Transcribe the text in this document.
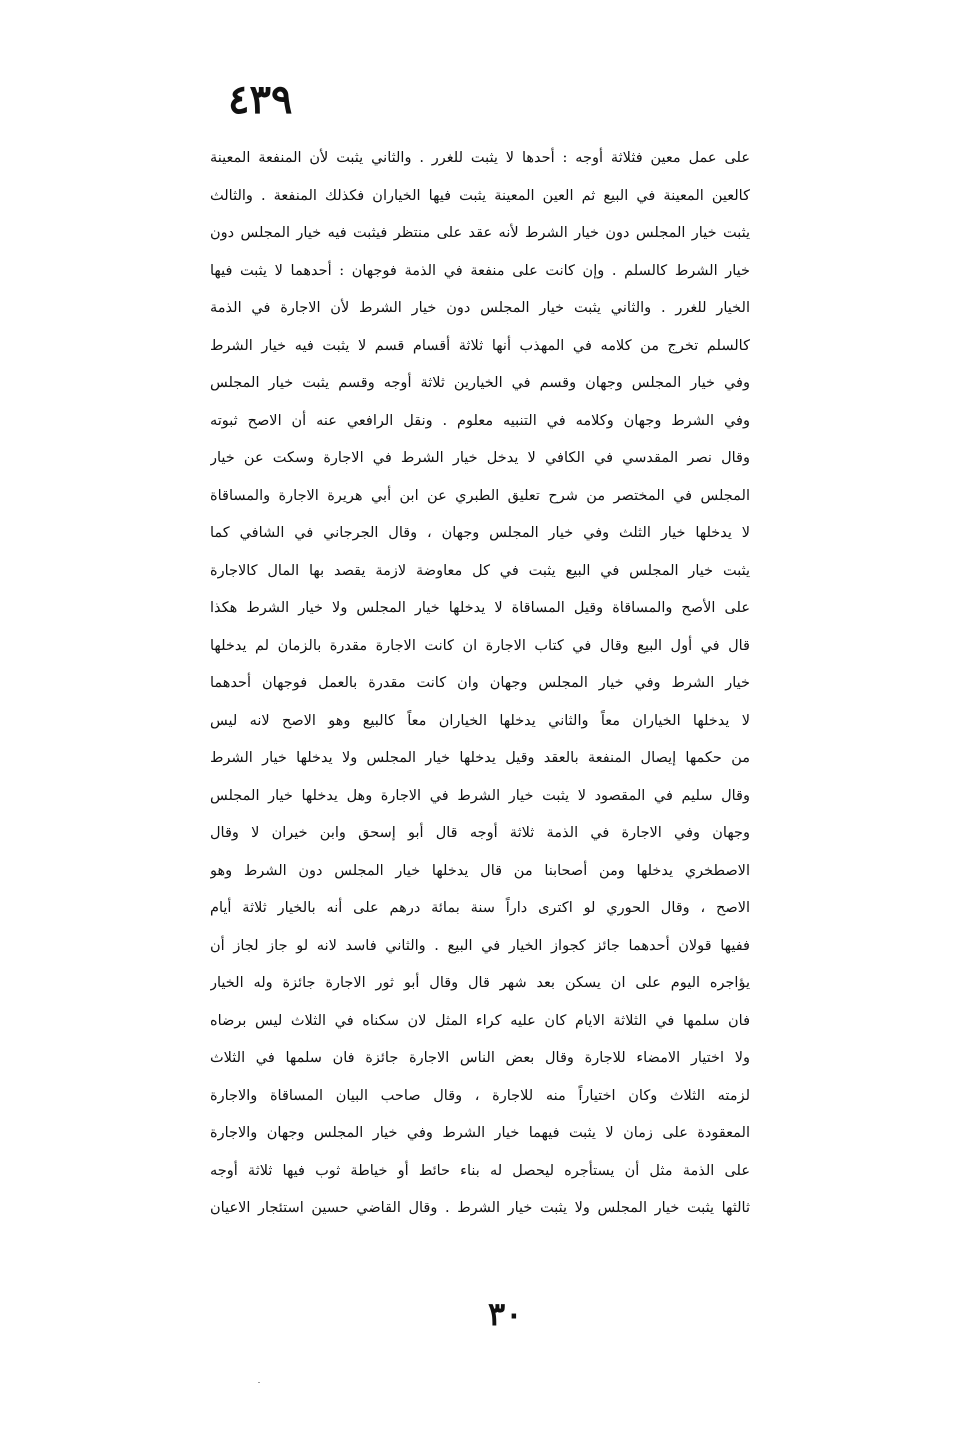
٤٣٩
على عمل معين فثلاثة أوجه : أحدها لا يثبت للغرر . والثاني يثبت لأن المنفعة المعينة
كالعين المعينة في البيع ثم العين المعينة يثبت فيها الخياران فكذلك المنفعة . والثالث
يثبت خيار المجلس دون خيار الشرط لأنه عقد على منتظر فيثبت فيه خيار المجلس دون
خيار الشرط كالسلم . وإن كانت على منفعة في الذمة فوجهان : أحدهما لا يثبت فيها
الخيار للغرر . والثاني يثبت خيار المجلس دون خيار الشرط لأن الاجارة في الذمة
كالسلم تخرج من كلامه في المهذب أنها ثلاثة أقسام قسم لا يثبت فيه خيار الشرط
وفي خيار المجلس وجهان وقسم في الخيارين ثلاثة أوجه وقسم يثبت خيار المجلس
وفي الشرط وجهان وكلامه في التنبيه معلوم . ونقل الرافعي عنه أن الاصح ثبوته
وقال نصر المقدسي في الكافي لا يدخل خيار الشرط في الاجارة وسكت عن خيار
المجلس في المختصر من شرح تعليق الطبري عن ابن أبي هريرة الاجارة والمساقاة
لا يدخلها خيار الثلث وفي خيار المجلس وجهان ، وقال الجرجاني في الشافي كما
يثبت خيار المجلس في البيع يثبت في كل معاوضة لازمة يقصد بها المال كالاجارة
على الأصح والمساقاة وقيل المساقاة لا يدخلها خيار المجلس ولا خيار الشرط هكذا
قال في أول البيع وقال في كتاب الاجارة ان كانت الاجارة مقدرة بالزمان لم يدخلها
خيار الشرط وفي خيار المجلس وجهان وان كانت مقدرة بالعمل فوجهان أحدهما
لا يدخلها الخياران معاً والثاني يدخلها الخياران معاً كالبيع وهو الاصح لانه ليس
من حكمها إيصال المنفعة بالعقد وقيل يدخلها خيار المجلس ولا يدخلها خيار الشرط
وقال سليم في المقصود لا يثبت خيار الشرط في الاجارة وهل يدخلها خيار المجلس
وجهان وفي الاجارة في الذمة ثلاثة أوجه قال أبو إسحق وابن خيران لا وقال
الاصطخري يدخلها ومن أصحابنا من قال يدخلها خيار المجلس دون الشرط وهو
الاصح ، وقال الحوري لو اكترى داراً سنة بمائة درهم على أنه بالخيار ثلاثة أيام
ففيها قولان أحدهما جائز كجواز الخيار في البيع . والثاني فاسد لانه لو جاز لجاز أن
يؤاجره اليوم على ان يسكن بعد شهر قال وقال أبو ثور الاجارة جائزة وله الخيار
فان سلمها في الثلاثة الايام كان عليه كراء المثل لان سكناه في الثلاث ليس برضاه
ولا اختيار الامضاء للاجارة وقال بعض الناس الاجارة جائزة فان سلمها في الثلاث
لزمته الثلاث وكان اختياراً منه للاجارة ، وقال صاحب البيان المساقاة والاجارة
المعقودة على زمان لا يثبت فيهما خيار الشرط وفي خيار المجلس وجهان والاجارة
على الذمة مثل أن يستأجره ليحصل له بناء حائط أو خياطة ثوب فيها ثلاثة أوجه
ثالثها يثبت خيار المجلس ولا يثبت خيار الشرط . وقال القاضي حسين استئجار الاعيان
٣٠
